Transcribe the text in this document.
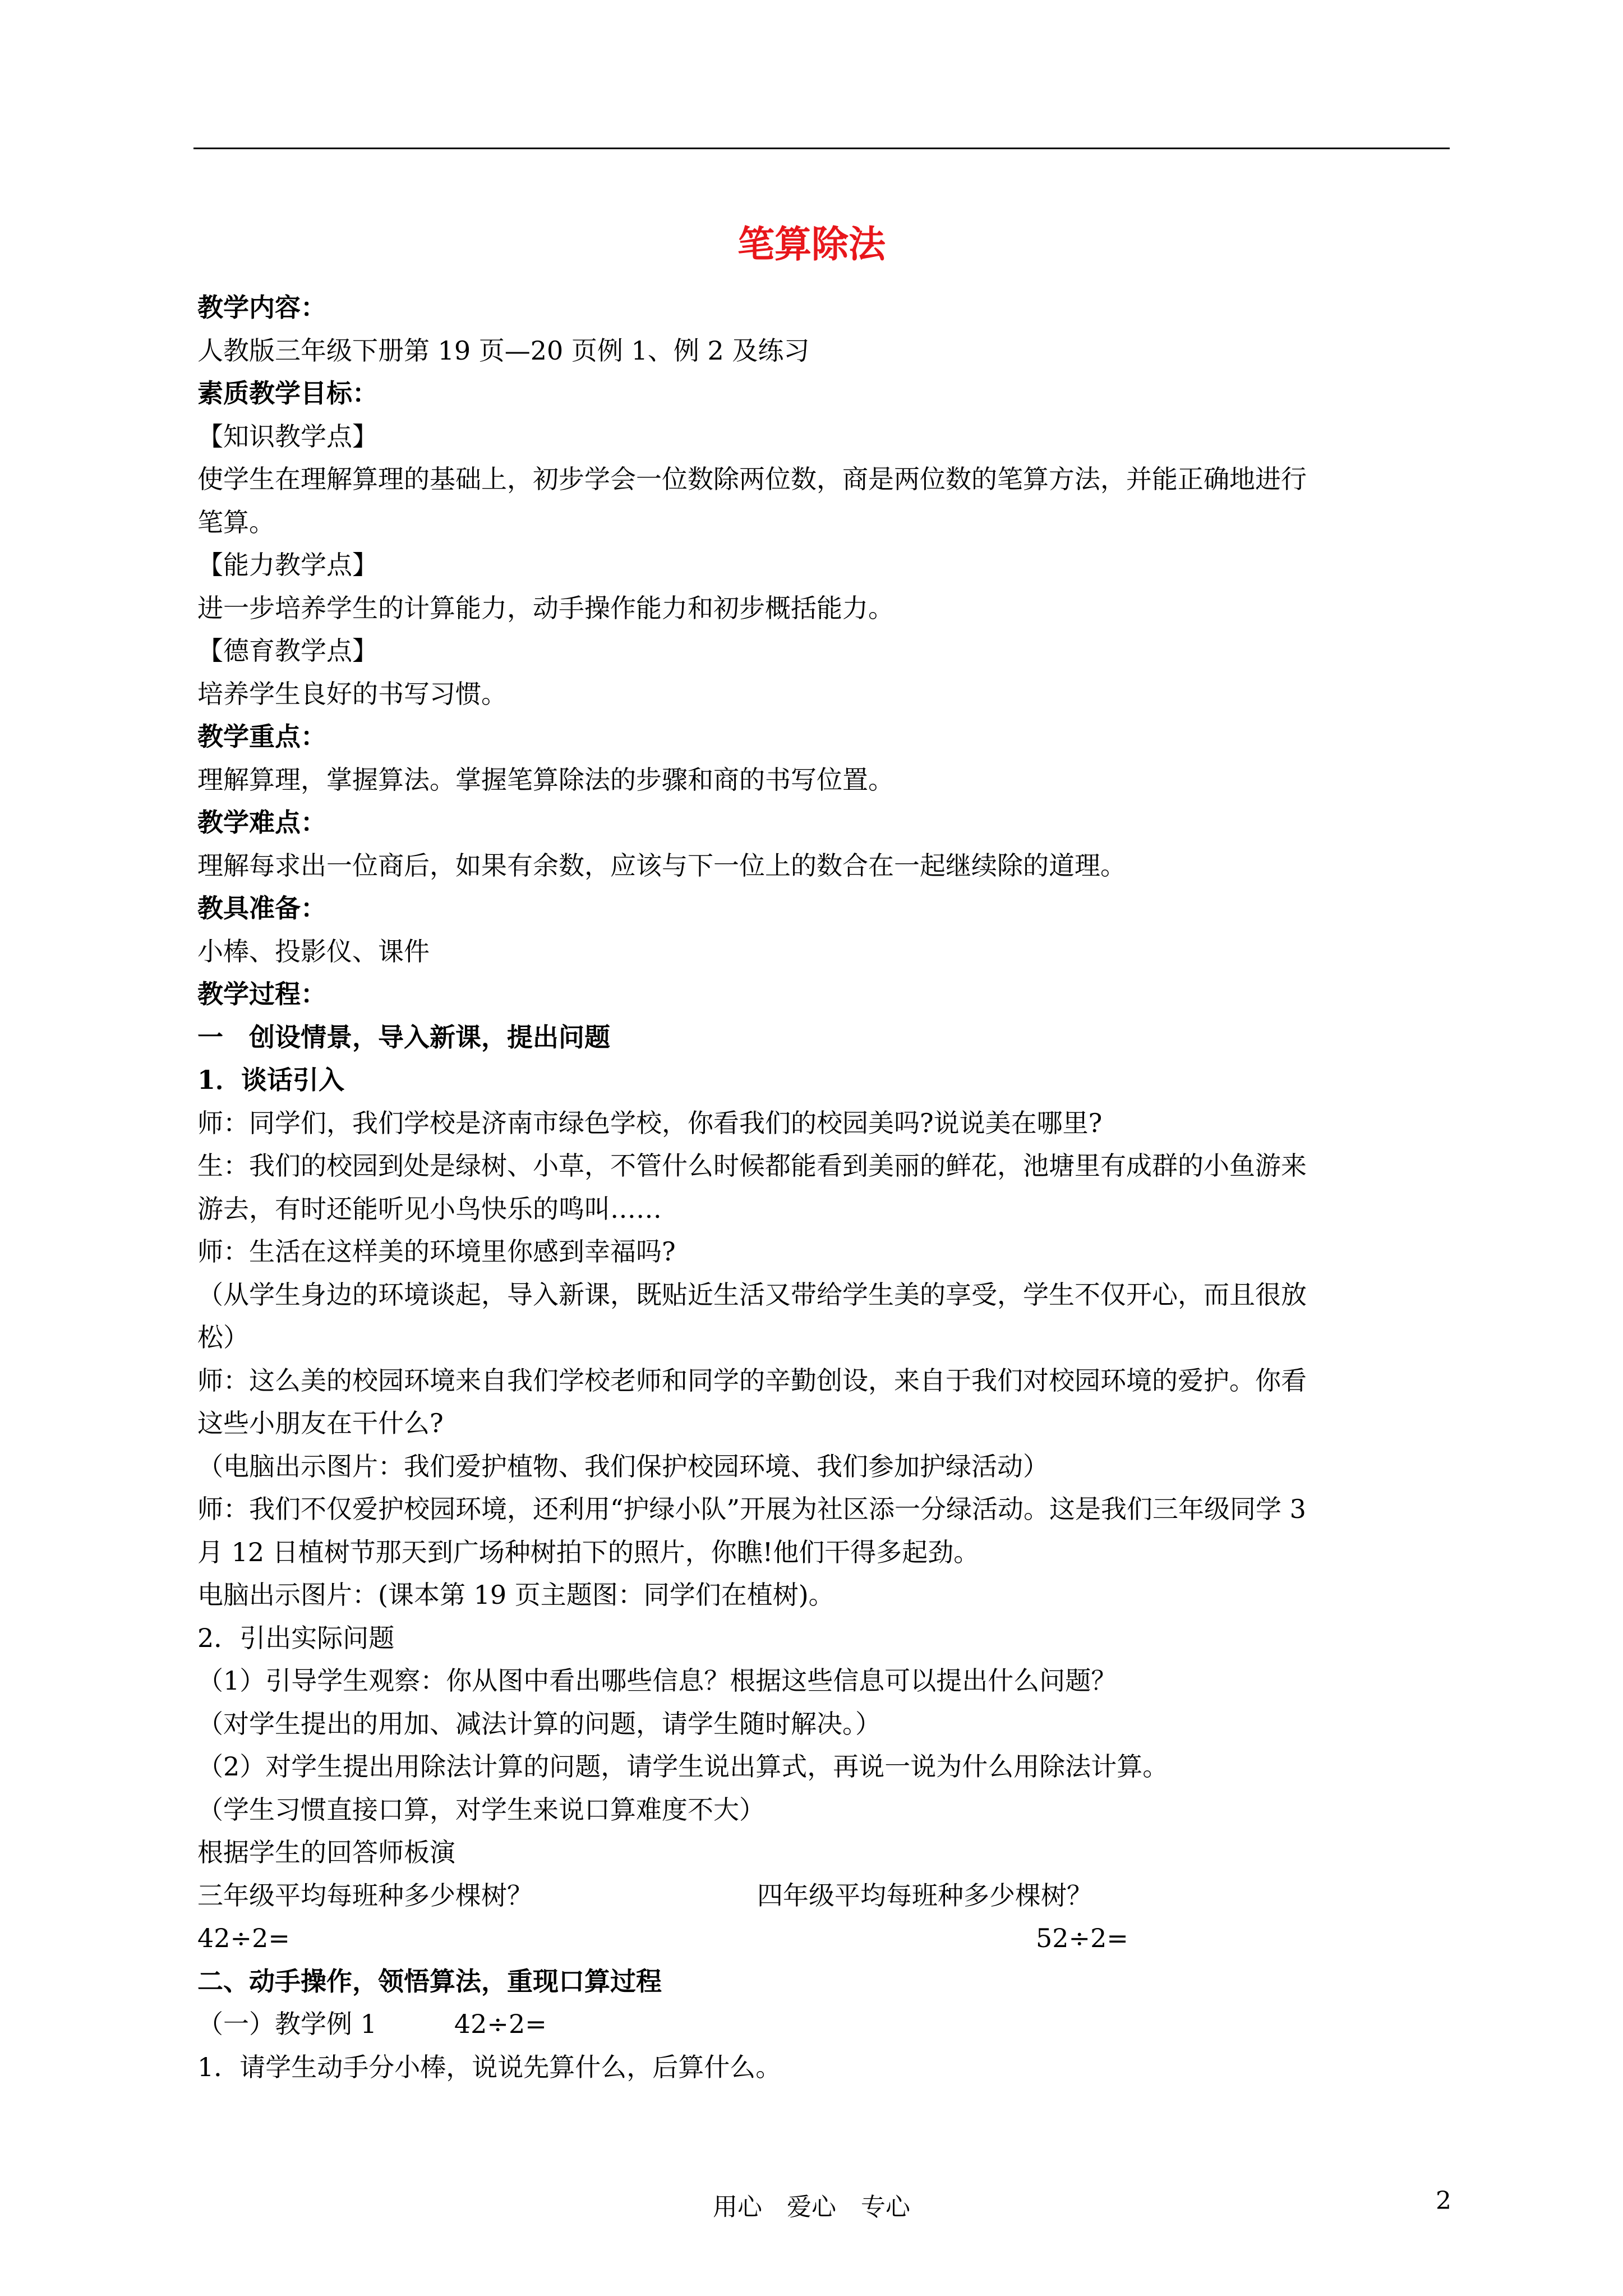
笔算除法
教学内容：
人教版三年级下册第 19 页—20 页例 1、例 2 及练习
素质教学目标：
【知识教学点】
使学生在理解算理的基础上，初步学会一位数除两位数，商是两位数的笔算方法，并能正确地进行
笔算。
【能力教学点】
进一步培养学生的计算能力，动手操作能力和初步概括能力。
【德育教学点】
培养学生良好的书写习惯。
教学重点：
理解算理，掌握算法。掌握笔算除法的步骤和商的书写位置。
教学难点：
理解每求出一位商后，如果有余数，应该与下一位上的数合在一起继续除的道理。
教具准备：
小棒、投影仪、课件
教学过程：
一　创设情景，导入新课，提出问题
1．谈话引入
师：同学们，我们学校是济南市绿色学校，你看我们的校园美吗?说说美在哪里?
生：我们的校园到处是绿树、小草，不管什么时候都能看到美丽的鲜花，池塘里有成群的小鱼游来
游去，有时还能听见小鸟快乐的鸣叫……
师：生活在这样美的环境里你感到幸福吗?
（从学生身边的环境谈起，导入新课，既贴近生活又带给学生美的享受，学生不仅开心，而且很放
松）
师：这么美的校园环境来自我们学校老师和同学的辛勤创设，来自于我们对校园环境的爱护。你看
这些小朋友在干什么?
（电脑出示图片：我们爱护植物、我们保护校园环境、我们参加护绿活动）
师：我们不仅爱护校园环境，还利用“护绿小队”开展为社区添一分绿活动。这是我们三年级同学 3
月 12 日植树节那天到广场种树拍下的照片，你瞧!他们干得多起劲。
电脑出示图片：(课本第 19 页主题图：同学们在植树)。
2．引出实际问题
（1）引导学生观察：你从图中看出哪些信息？根据这些信息可以提出什么问题？
（对学生提出的用加、减法计算的问题，请学生随时解决。）
（2）对学生提出用除法计算的问题，请学生说出算式，再说一说为什么用除法计算。
（学生习惯直接口算，对学生来说口算难度不大）
根据学生的回答师板演
三年级平均每班种多少棵树？	四年级平均每班种多少棵树？
42÷2=	52÷2=
二、动手操作，领悟算法，重现口算过程
（一）教学例 1　　　42÷2=
1．请学生动手分小棒，说说先算什么，后算什么。
用心　爱心　专心	2
